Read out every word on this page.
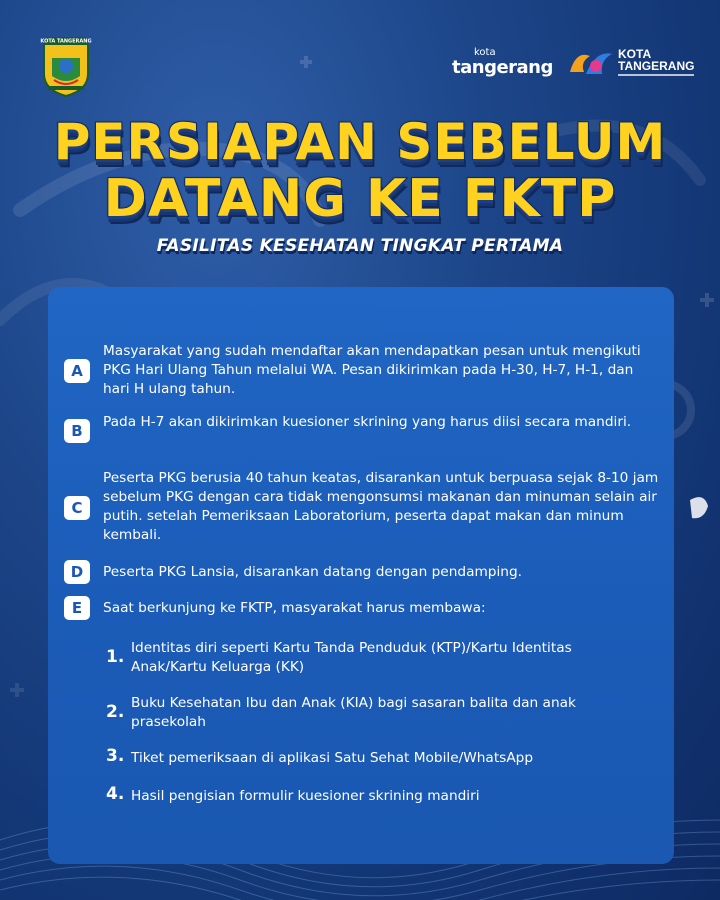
KOTA TANGERANG
kota
tangerang
KOTA
TANGERANG
PERSIAPAN SEBELUM
DATANG KE FKTP
FASILITAS KESEHATAN TINGKAT PERTAMA
A
Masyarakat yang sudah mendaftar akan mendapatkan pesan untuk mengikuti PKG Hari Ulang Tahun melalui WA. Pesan dikirimkan pada H-30, H-7, H-1, dan hari H ulang tahun.
B	Pada H-7 akan dikirimkan kuesioner skrining yang harus diisi secara mandiri.
C
Peserta PKG berusia 40 tahun keatas, disarankan untuk berpuasa sejak 8-10 jam sebelum PKG dengan cara tidak mengonsumsi makanan dan minuman selain air putih. setelah Pemeriksaan Laboratorium, peserta dapat makan dan minum kembali.
D	Peserta PKG Lansia, disarankan datang dengan pendamping.
E	Saat berkunjung ke FKTP, masyarakat harus membawa:
1. Identitas diri seperti Kartu Tanda Penduduk (KTP)/Kartu Identitas Anak/Kartu Keluarga (KK)
2. Buku Kesehatan Ibu dan Anak (KIA) bagi sasaran balita dan anak prasekolah
3. Tiket pemeriksaan di aplikasi Satu Sehat Mobile/WhatsApp
4. Hasil pengisian formulir kuesioner skrining mandiri
